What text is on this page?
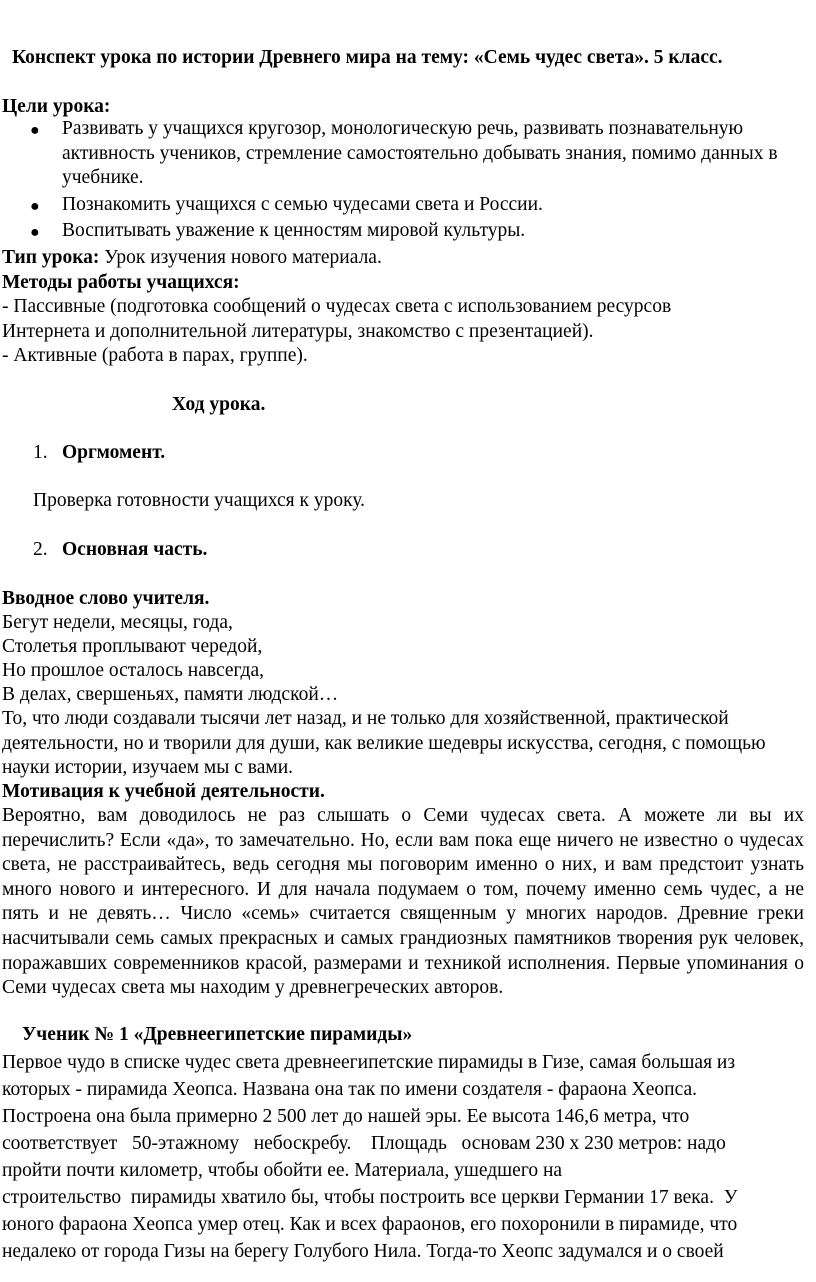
Конспект урока по истории Древнего мира на тему: «Семь чудес света». 5 класс.
Цели урока:
● Развивать у учащихся кругозор, монологическую речь, развивать познавательную активность учеников, стремление самостоятельно добывать знания, помимо данных в учебнике.
● Познакомить учащихся с семью чудесами света и России.
● Воспитывать уважение к ценностям мировой культуры.
Тип урока: Урок изучения нового материала.
Методы работы учащихся:
- Пассивные (подготовка сообщений о чудесах света с использованием ресурсов Интернета и дополнительной литературы, знакомство с презентацией).
- Активные (работа в парах, группе).
Ход урока.
1. Оргмомент.
Проверка готовности учащихся к уроку.
2. Основная часть.
Вводное слово учителя.
Бегут недели, месяцы, года,
Столетья проплывают чередой,
Но прошлое осталось навсегда,
В делах, свершеньях, памяти людской…
То, что люди создавали тысячи лет назад, и не только для хозяйственной, практической деятельности, но и творили для души, как великие шедевры искусства, сегодня, с помощью науки истории, изучаем мы с вами.
Мотивация к учебной деятельности.
Вероятно, вам доводилось не раз слышать о Семи чудесах света. А можете ли вы их перечислить? Если «да», то замечательно. Но, если вам пока еще ничего не известно о чудесах света, не расстраивайтесь, ведь сегодня мы поговорим именно о них, и вам предстоит узнать много нового и интересного. И для начала подумаем о том, почему именно семь чудес, а не пять и не девять… Число «семь» считается священным у многих народов. Древние греки насчитывали семь самых прекрасных и самых грандиозных памятников творения рук человек, поражавших современников красой, размерами и техникой исполнения. Первые упоминания о Семи чудесах света мы находим у древнегреческих авторов.
Ученик № 1 «Древнеегипетские пирамиды»
Первое чудо в списке чудес света древнеегипетские пирамиды в Гизе, самая большая из
которых - пирамида Хеопса. Названа она так по имени создателя - фараона Хеопса.
Построена она была примерно 2 500 лет до нашей эры. Ее высота 146,6 метра, что
соответствует   50-этажному   небоскребу.    Площадь   основам 230 х 230 метров: надо
пройти почти километр, чтобы обойти ее. Материала, ушедшего на
строительство  пирамиды хватило бы, чтобы построить все церкви Германии 17 века.  У
юного фараона Хеопса умер отец. Как и всех фараонов, его похоронили в пирамиде, что
недалеко от города Гизы на берегу Голубого Нила. Тогда-то Хеопс задумался и о своей
